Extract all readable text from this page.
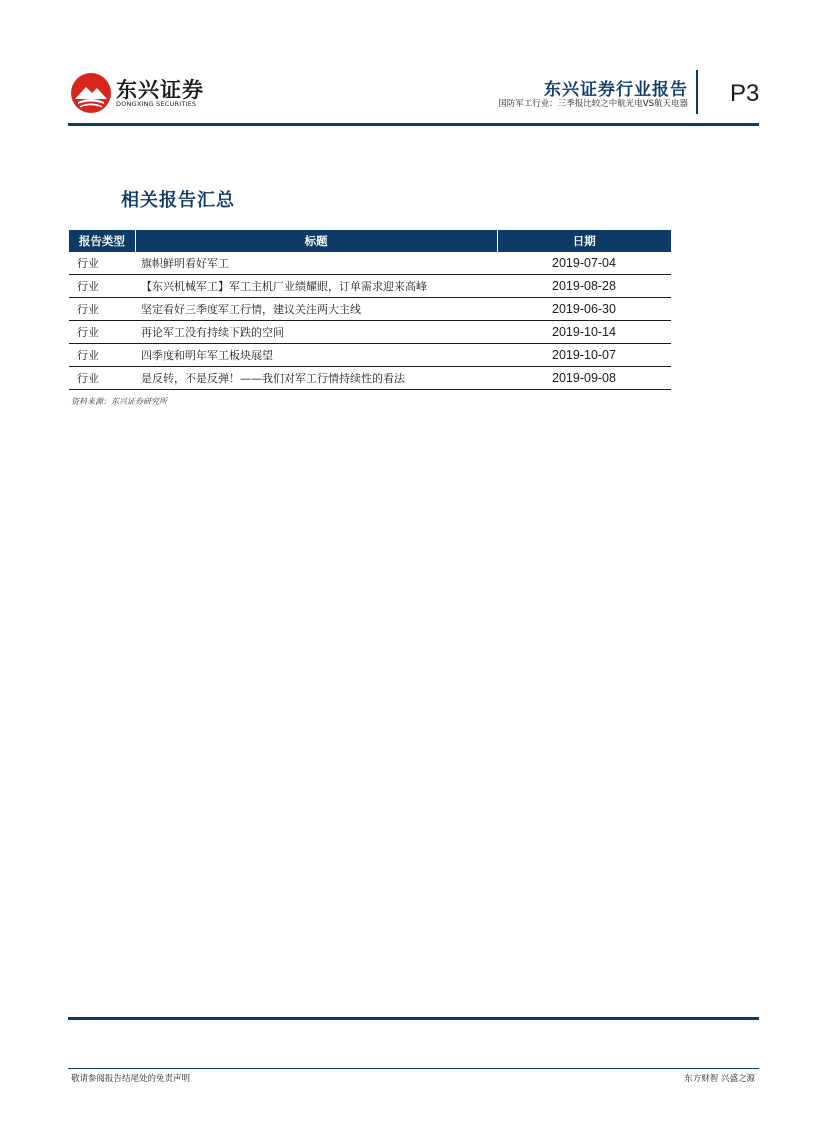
东兴证券
DONGXING SECURITIES
东兴证券行业报告
国防军工行业：三季报比较之中航光电VS航天电器 P3
相关报告汇总
报告类型	标题	日期
行业	旗帜鲜明看好军工	2019-07-04
行业	【东兴机械军工】军工主机厂业绩耀眼，订单需求迎来高峰	2019-08-28
行业	坚定看好三季度军工行情，建议关注两大主线	2019-06-30
行业	再论军工没有持续下跌的空间	2019-10-14
行业	四季度和明年军工板块展望	2019-10-07
行业	是反转，不是反弹！——我们对军工行情持续性的看法	2019-09-08
资料来源：东兴证券研究所
敬请参阅报告结尾处的免责声明	东方财智 兴盛之源
